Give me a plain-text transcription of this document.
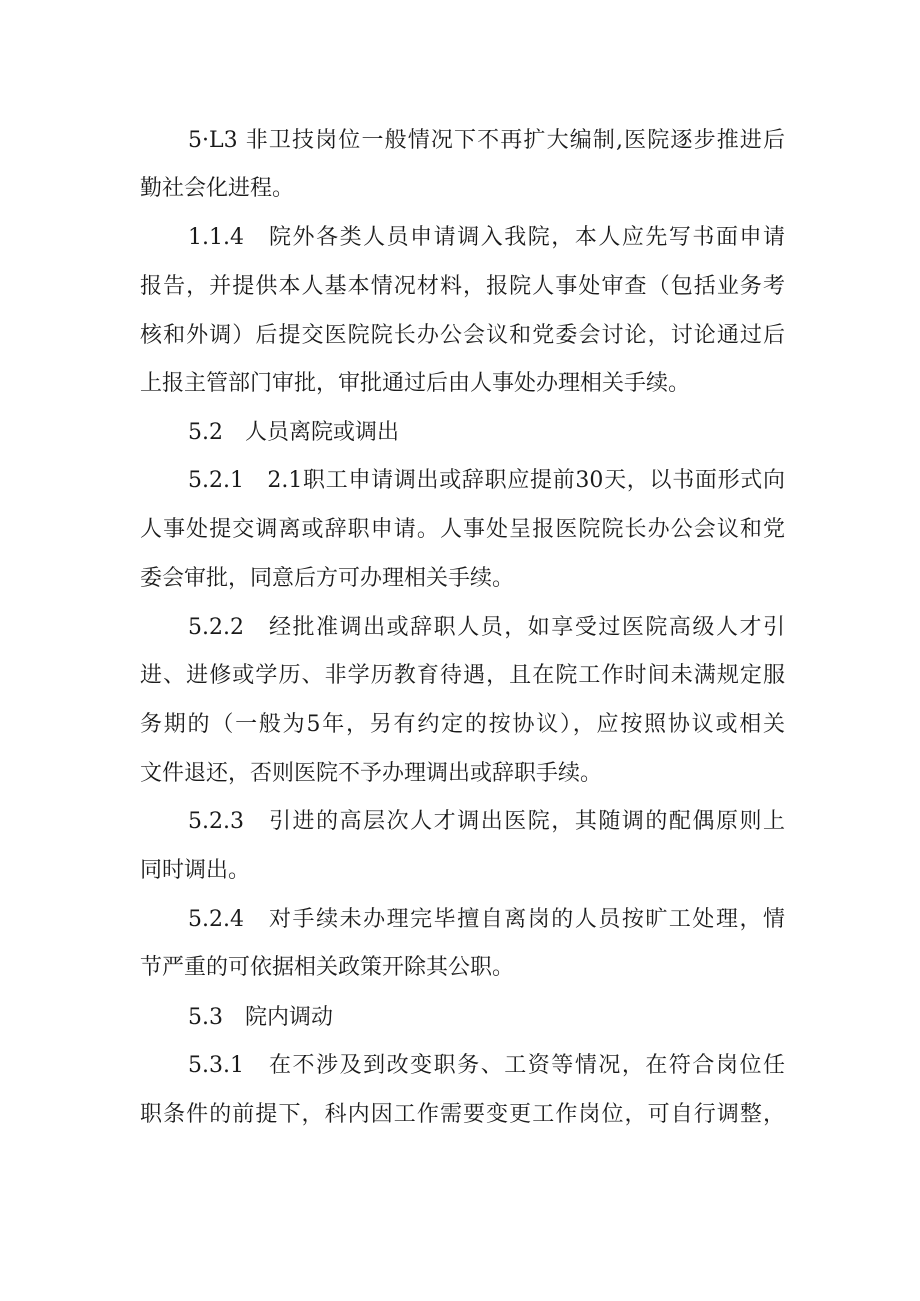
5·L3 非卫技岗位一般情况下不再扩大编制,医院逐步推进后
勤社会化进程。
1.1.4　院外各类人员申请调入我院，本人应先写书面申请
报告，并提供本人基本情况材料，报院人事处审查（包括业务考
核和外调）后提交医院院长办公会议和党委会讨论，讨论通过后
上报主管部门审批，审批通过后由人事处办理相关手续。
5.2　人员离院或调出
5.2.1　2.1职工申请调出或辞职应提前30天，以书面形式向
人事处提交调离或辞职申请。人事处呈报医院院长办公会议和党
委会审批，同意后方可办理相关手续。
5.2.2　经批准调出或辞职人员，如享受过医院高级人才引
进、进修或学历、非学历教育待遇，且在院工作时间未满规定服
务期的（一般为5年，另有约定的按协议），应按照协议或相关
文件退还，否则医院不予办理调出或辞职手续。
5.2.3　引进的高层次人才调出医院，其随调的配偶原则上
同时调出。
5.2.4　对手续未办理完毕擅自离岗的人员按旷工处理，情
节严重的可依据相关政策开除其公职。
5.3　院内调动
5.3.1　在不涉及到改变职务、工资等情况，在符合岗位任
职条件的前提下，科内因工作需要变更工作岗位，可自行调整，
